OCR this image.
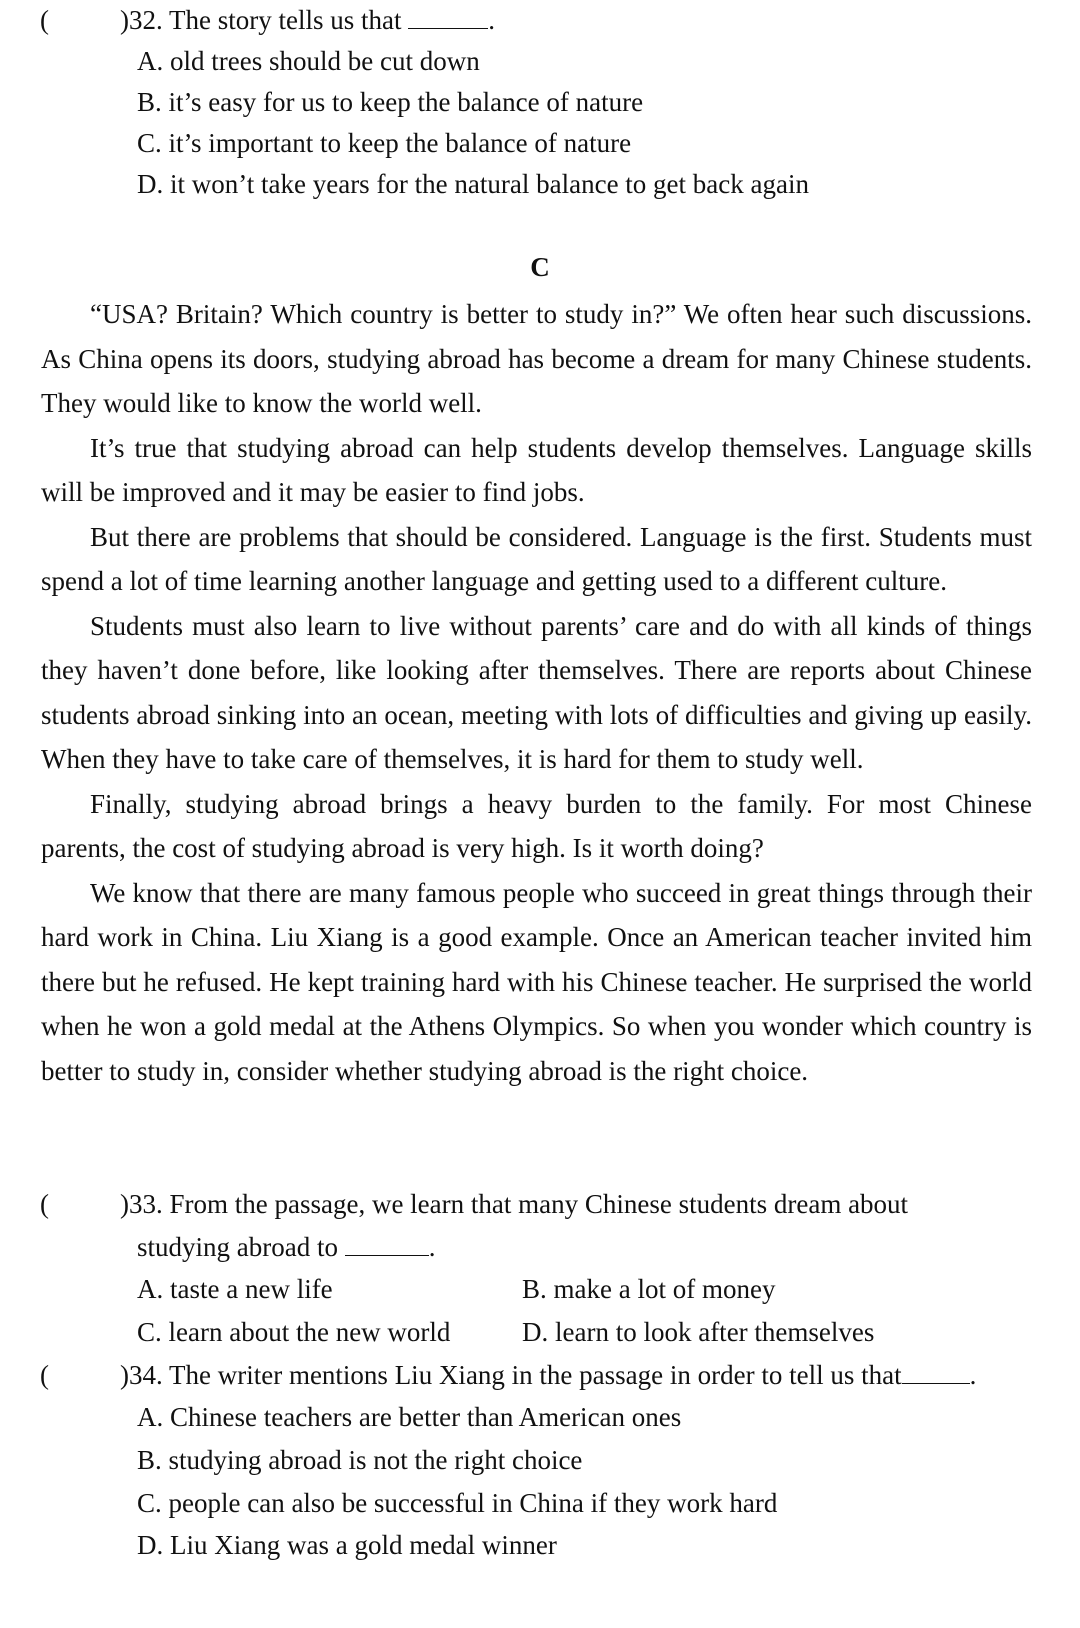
(	)32. The story tells us that	.
A. old trees should be cut down
B. it’s easy for us to keep the balance of nature
C. it’s important to keep the balance of nature
D. it won’t take years for the natural balance to get back again
C

“USA? Britain? Which country is better to study in?” We often hear such discussions. As China opens its doors, studying abroad has become a dream for many Chinese students. They would like to know the world well.

It’s true that studying abroad can help students develop themselves. Language skills will be improved and it may be easier to find jobs.

But there are problems that should be considered. Language is the first. Students must spend a lot of time learning another language and getting used to a different culture.

Students must also learn to live without parents’ care and do with all kinds of things they haven’t done before, like looking after themselves. There are reports about Chinese students abroad sinking into an ocean, meeting with lots of difficulties and giving up easily. When they have to take care of themselves, it is hard for them to study well.

Finally, studying abroad brings a heavy burden to the family. For most Chinese parents, the cost of studying abroad is very high. Is it worth doing?

We know that there are many famous people who succeed in great things through their hard work in China. Liu Xiang is a good example. Once an American teacher invited him there but he refused. He kept training hard with his Chinese teacher. He surprised the world when he won a gold medal at the Athens Olympics. So when you wonder which country is better to study in, consider whether studying abroad is the right choice.

(	)33. From the passage, we learn that many Chinese students dream about
studying abroad to	.
A. taste a new life	B. make a lot of money
C. learn about the new world	D. learn to look after themselves
(	)34. The writer mentions Liu Xiang in the passage in order to tell us that	.
A. Chinese teachers are better than American ones
B. studying abroad is not the right choice
C. people can also be successful in China if they work hard
D. Liu Xiang was a gold medal winner
